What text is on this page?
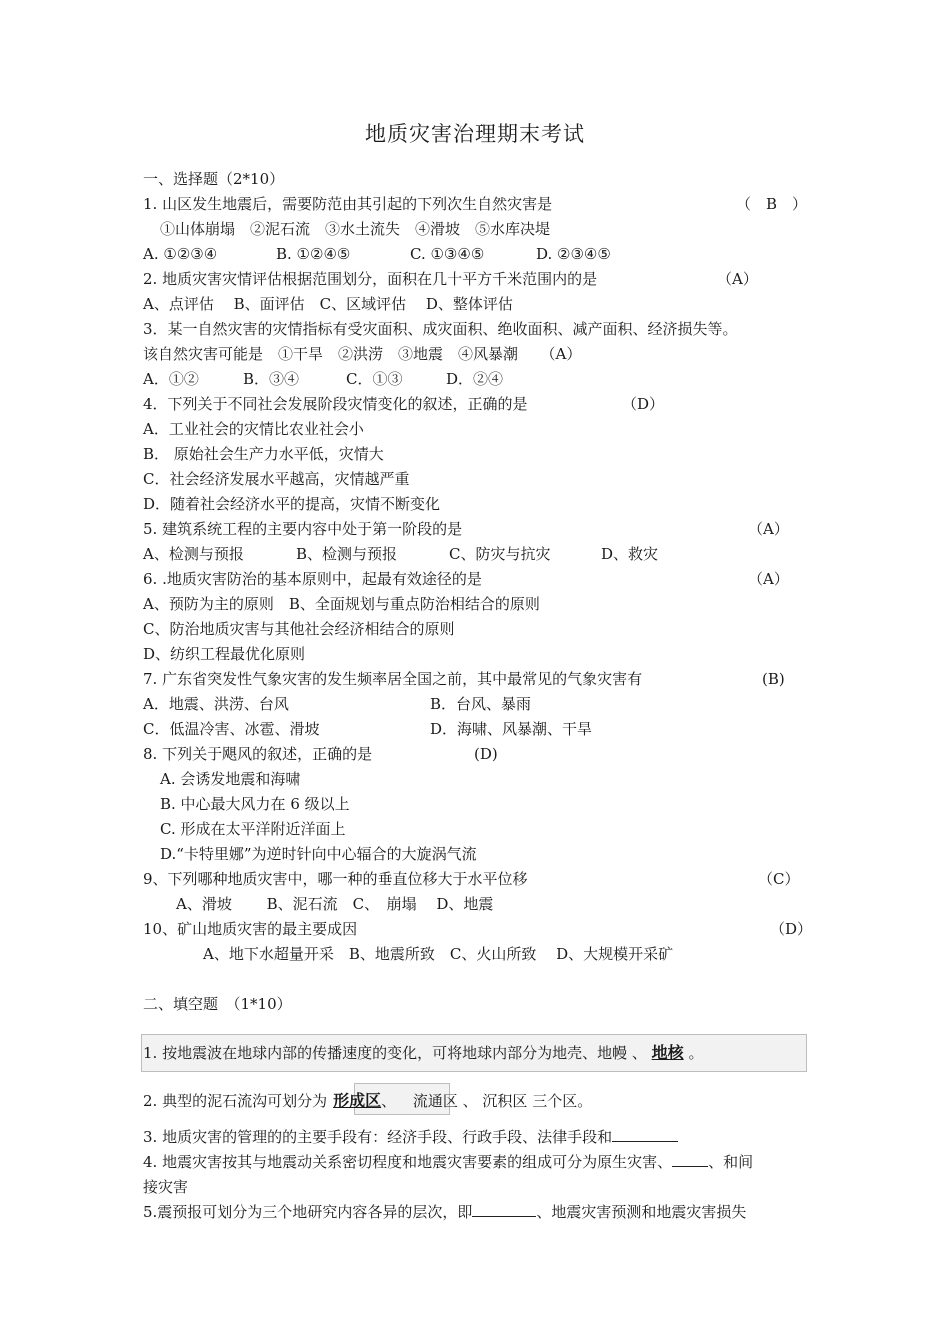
地质灾害治理期末考试
一、选择题（2*10）
1. 山区发生地震后，需要防范由其引起的下列次生自然灾害是	（　B　）
①山体崩塌　②泥石流　③水土流失　④滑坡　⑤水库决堤
A. ①②③④	B. ①②④⑤	C. ①③④⑤	D. ②③④⑤
2. 地质灾害灾情评估根据范围划分，面积在几十平方千米范围内的是	（A）
A、点评估　 B、面评估　C、区域评估　 D、整体评估
3．某一自然灾害的灾情指标有受灾面积、成灾面积、绝收面积、减产面积、经济损失等。
该自然灾害可能是　①干旱　②洪涝　③地震　④风暴潮　　（A）
A．①②	B．③④	C．①③	D．②④
4．下列关于不同社会发展阶段灾情变化的叙述，正确的是	（D）
A．工业社会的灾情比农业社会小
B． 原始社会生产力水平低，灾情大
C．社会经济发展水平越高，灾情越严重
D．随着社会经济水平的提高，灾情不断变化
5. 建筑系统工程的主要内容中处于第一阶段的是	（A）
A、检测与预报	B、检测与预报	C、防灾与抗灾	D、救灾
6. .地质灾害防治的基本原则中，起最有效途径的是	（A）
A、预防为主的原则　B、全面规划与重点防治相结合的原则
C、防治地质灾害与其他社会经济相结合的原则
D、纺织工程最优化原则
7. 广东省突发性气象灾害的发生频率居全国之前，其中最常见的气象灾害有	(B)
A．地震、洪涝、台风	B．台风、暴雨
C．低温冷害、冰雹、滑坡	D．海啸、风暴潮、干旱
8. 下列关于飓风的叙述，正确的是	(D)
A. 会诱发地震和海啸
B. 中心最大风力在 6 级以上
C. 形成在太平洋附近洋面上
D.“卡特里娜”为逆时针向中心辐合的大旋涡气流
9、下列哪种地质灾害中，哪一种的垂直位移大于水平位移	（C）
A、滑坡　　 B、泥石流　C、　崩塌　 D、地震
10、矿山地质灾害的最主要成因	（D）
A、地下水超量开采　B、地震所致　C、火山所致　 D、大规模开采矿
二、填空题　（1*10）
1. 按地震波在地球内部的传播速度的变化，可将地球内部分为地壳、地幔 、 地核 。
2. 典型的泥石流沟可划分为 形成区、 流通区 、 沉积区 三个区。
3. 地质灾害的管理的的主要手段有：经济手段、行政手段、法律手段和
4. 地震灾害按其与地震动关系密切程度和地震灾害要素的组成可分为原生灾害、 、和间
接灾害
5.震预报可划分为三个地研究内容各异的层次，即	、地震灾害预测和地震灾害损失
